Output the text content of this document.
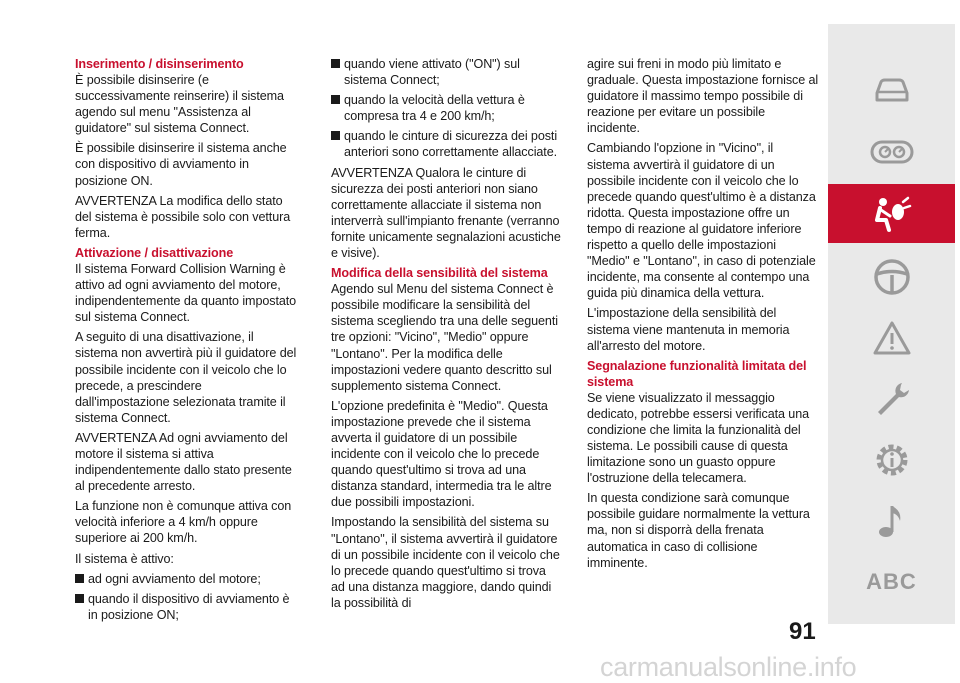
Inserimento / disinserimento

È possibile disinserire (e successivamente reinserire) il sistema agendo sul menu "Assistenza al guidatore" sul sistema Connect.

È possibile disinserire il sistema anche con dispositivo di avviamento in posizione ON.

AVVERTENZA La modifica dello stato del sistema è possibile solo con vettura ferma.

Attivazione / disattivazione

Il sistema Forward Collision Warning è attivo ad ogni avviamento del motore, indipendentemente da quanto impostato sul sistema Connect.

A seguito di una disattivazione, il sistema non avvertirà più il guidatore del possibile incidente con il veicolo che lo precede, a prescindere dall'impostazione selezionata tramite il sistema Connect.

AVVERTENZA Ad ogni avviamento del motore il sistema si attiva indipendentemente dallo stato presente al precedente arresto.

La funzione non è comunque attiva con velocità inferiore a 4 km/h oppure superiore ai 200 km/h.

Il sistema è attivo:

ad ogni avviamento del motore;

quando il dispositivo di avviamento è in posizione ON;

quando viene attivato ("ON") sul sistema Connect;

quando la velocità della vettura è compresa tra 4 e 200 km/h;

quando le cinture di sicurezza dei posti anteriori sono correttamente allacciate.

AVVERTENZA Qualora le cinture di sicurezza dei posti anteriori non siano correttamente allacciate il sistema non interverrà sull'impianto frenante (verranno fornite unicamente segnalazioni acustiche e visive).

Modifica della sensibilità del sistema

Agendo sul Menu del sistema Connect è possibile modificare la sensibilità del sistema scegliendo tra una delle seguenti tre opzioni: "Vicino", "Medio" oppure "Lontano". Per la modifica delle impostazioni vedere quanto descritto sul supplemento sistema Connect.

L'opzione predefinita è "Medio". Questa impostazione prevede che il sistema avverta il guidatore di un possibile incidente con il veicolo che lo precede quando quest'ultimo si trova ad una distanza standard, intermedia tra le altre due possibili impostazioni.

Impostando la sensibilità del sistema su "Lontano", il sistema avvertirà il guidatore di un possibile incidente con il veicolo che lo precede quando quest'ultimo si trova ad una distanza maggiore, dando quindi la possibilità di

agire sui freni in modo più limitato e graduale. Questa impostazione fornisce al guidatore il massimo tempo possibile di reazione per evitare un possibile incidente.

Cambiando l'opzione in "Vicino", il sistema avvertirà il guidatore di un possibile incidente con il veicolo che lo precede quando quest'ultimo è a distanza ridotta. Questa impostazione offre un tempo di reazione al guidatore inferiore rispetto a quello delle impostazioni "Medio" e "Lontano", in caso di potenziale incidente, ma consente al contempo una guida più dinamica della vettura.

L'impostazione della sensibilità del sistema viene mantenuta in memoria all'arresto del motore.

Segnalazione funzionalità limitata del sistema

Se viene visualizzato il messaggio dedicato, potrebbe essersi verificata una condizione che limita la funzionalità del sistema. Le possibili cause di questa limitazione sono un guasto oppure l'ostruzione della telecamera.

In questa condizione sarà comunque possibile guidare normalmente la vettura ma, non si disporrà della frenata automatica in caso di collisione imminente.

ABC
91
carmanualsonline.info
